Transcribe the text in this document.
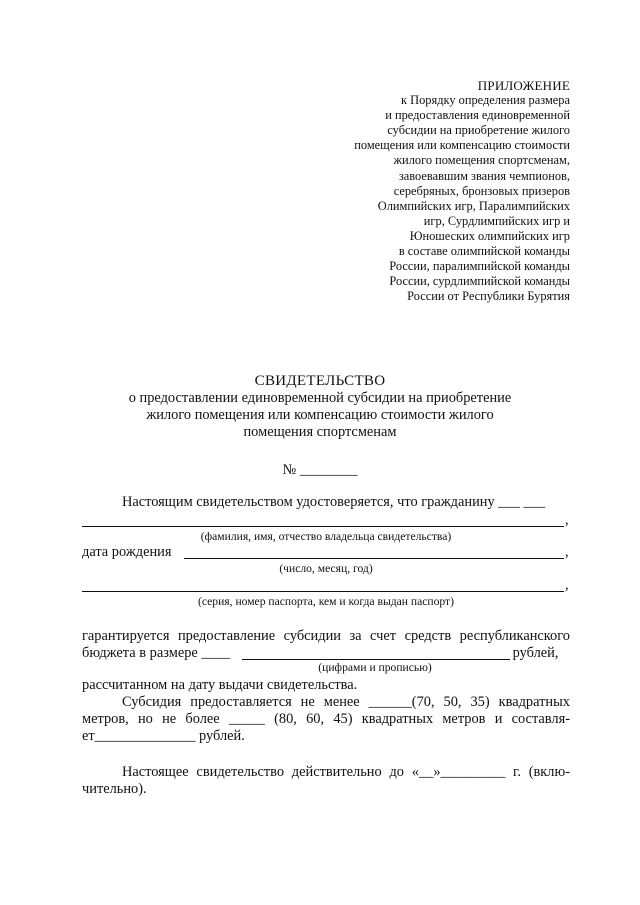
ПРИЛОЖЕНИЕ
к Порядку определения размера
и предоставления единовременной
субсидии на приобретение жилого
помещения или компенсацию стоимости
жилого помещения спортсменам,
завоевавшим звания чемпионов,
серебряных, бронзовых призеров
Олимпийских игр, Паралимпийских
игр, Сурдлимпийских игр и
Юношеских олимпийских игр
в составе олимпийской команды
России, паралимпийской команды
России, сурдлимпийской команды
России от Республики Бурятия
СВИДЕТЕЛЬСТВО
о предоставлении единовременной субсидии на приобретение
жилого помещения или компенсацию стоимости жилого
помещения спортсменам
№ ________
Настоящим свидетельством удостоверяется, что гражданину ___ ___
,
(фамилия, имя, отчество владельца свидетельства)
дата рождения	,
(число, месяц, год)
,
(серия, номер паспорта, кем и когда выдан паспорт)
гарантируется предоставление субсидии за счет средств республиканского
бюджета в размере ____	рублей,
(цифрами и прописью)
рассчитанном на дату выдачи свидетельства.
Субсидия предоставляется не менее ______(70, 50, 35) квадратных
метров, но не более _____ (80, 60, 45) квадратных метров и составля-
ет______________ рублей.
Настоящее свидетельство действительно до «__»_________ г. (вклю-
чительно).
